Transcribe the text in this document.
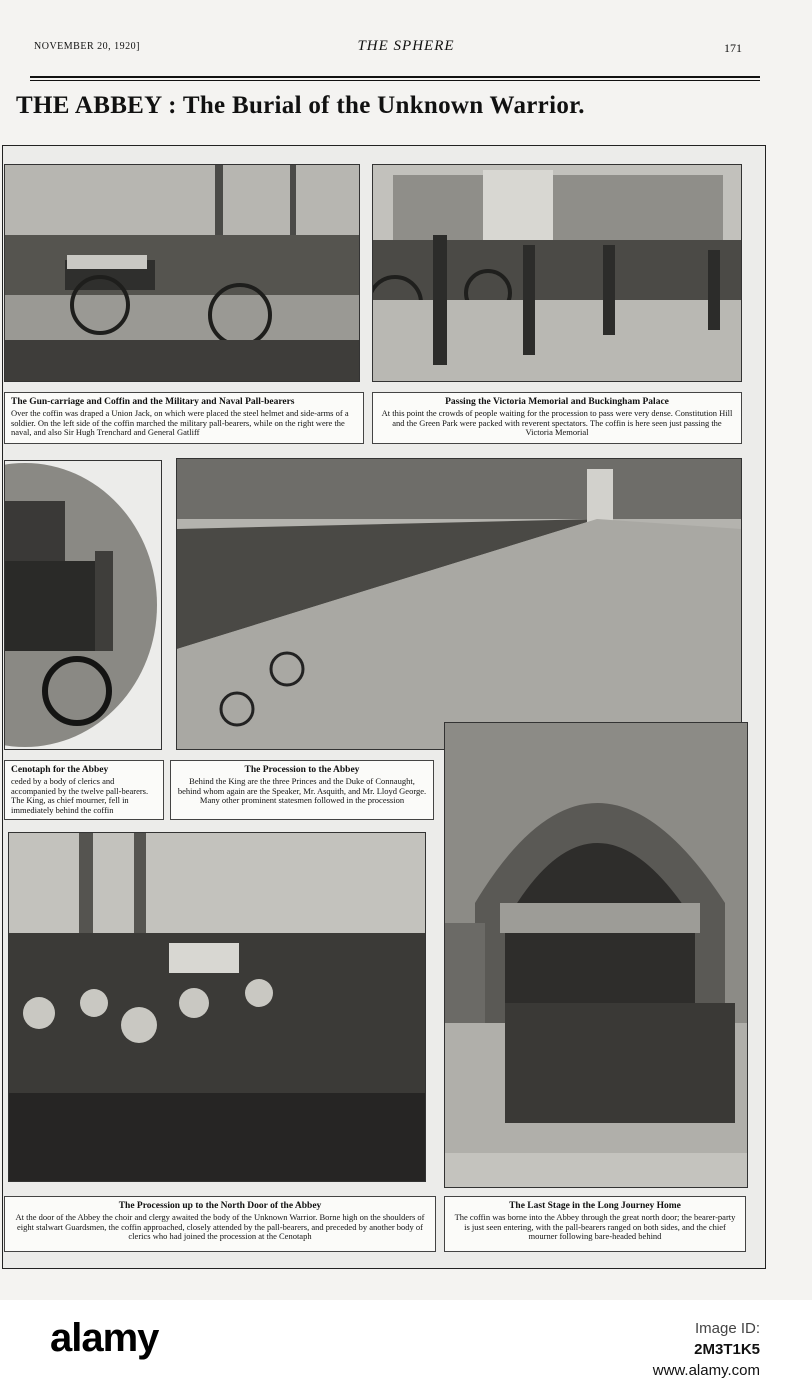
NOVEMBER 20, 1920]	THE SPHERE	171
THE ABBEY : The Burial of the Unknown Warrior.
The Gun-carriage and Coffin and the Military and Naval Pall-bearers
Over the coffin was draped a Union Jack, on which were placed the steel helmet and side-arms of a soldier. On the left side of the coffin marched the military pall-bearers, while on the right were the naval, and also Sir Hugh Trenchard and General Gatliff
Passing the Victoria Memorial and Buckingham Palace
At this point the crowds of people waiting for the procession to pass were very dense. Constitution Hill and the Green Park were packed with reverent spectators. The coffin is here seen just passing the Victoria Memorial
Cenotaph for the Abbey
ceded by a body of clerics and accompanied by the twelve pall-bearers. The King, as chief mourner, fell in immediately behind the coffin
The Procession to the Abbey
Behind the King are the three Princes and the Duke of Connaught, behind whom again are the Speaker, Mr. Asquith, and Mr. Lloyd George. Many other prominent statesmen followed in the procession
The Procession up to the North Door of the Abbey
At the door of the Abbey the choir and clergy awaited the body of the Unknown Warrior. Borne high on the shoulders of eight stalwart Guardsmen, the coffin approached, closely attended by the pall-bearers, and preceded by another body of clerics who had joined the procession at the Cenotaph
The Last Stage in the Long Journey Home
The coffin was borne into the Abbey through the great north door; the bearer-party is just seen entering, with the pall-bearers ranged on both sides, and the chief mourner following bare-headed behind
alamy	Image ID:
2M3T1K5
www.alamy.com
